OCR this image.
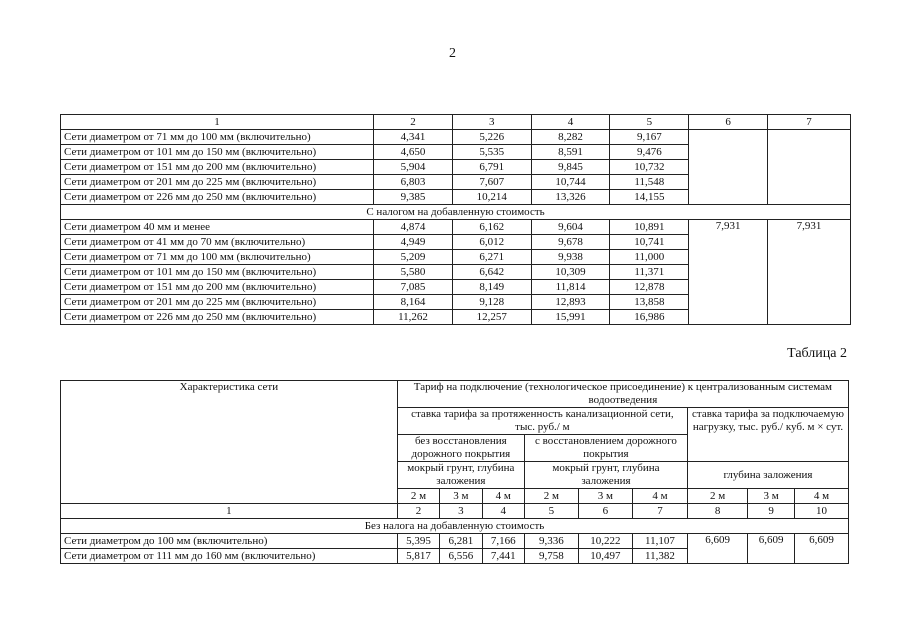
2
1	2	3	4	5	6	7
Сети диаметром от 71 мм до 100 мм (включительно)	4,341	5,226	8,282	9,167		
Сети диаметром от 101 мм до 150 мм (включительно)	4,650	5,535	8,591	9,476		
Сети диаметром от 151 мм до 200 мм (включительно)	5,904	6,791	9,845	10,732		
Сети диаметром от 201 мм до 225 мм (включительно)	6,803	7,607	10,744	11,548		
Сети диаметром от 226 мм до 250 мм (включительно)	9,385	10,214	13,326	14,155		
С налогом на добавленную стоимость						
Сети диаметром 40 мм и менее	4,874	6,162	9,604	10,891	7,931	7,931
Сети диаметром от 41 мм до 70 мм (включительно)	4,949	6,012	9,678	10,741		
Сети диаметром от 71 мм до 100 мм (включительно)	5,209	6,271	9,938	11,000		
Сети диаметром от 101 мм до 150 мм (включительно)	5,580	6,642	10,309	11,371		
Сети диаметром от 151 мм до 200 мм (включительно)	7,085	8,149	11,814	12,878		
Сети диаметром от 201 мм до 225 мм (включительно)	8,164	9,128	12,893	13,858		
Сети диаметром от 226 мм до 250 мм (включительно)	11,262	12,257	15,991	16,986		
Таблица 2
Характеристика сети	Тариф на подключение (технологическое присоединение) к централизованным системам водоотведения								
	ставка тарифа за протяженность канализационной сети, тыс. руб./ м						ставка тарифа за подключаемую нагрузку, тыс. руб./ куб. м × сут.		
	без восстановления дорожного покрытия			с восстановлением дорожного покрытия					
	мокрый грунт, глубина заложения			мокрый грунт, глубина заложения			глубина заложения		
	2 м	3 м	4 м	2 м	3 м	4 м	2 м	3 м	4 м
1	2	3	4	5	6	7	8	9	10
Без налога на добавленную стоимость									
Сети диаметром до 100 мм (включительно)	5,395	6,281	7,166	9,336	10,222	11,107	6,609	6,609	6,609
Сети диаметром от 111 мм до 160 мм (включительно)	5,817	6,556	7,441	9,758	10,497	11,382			
